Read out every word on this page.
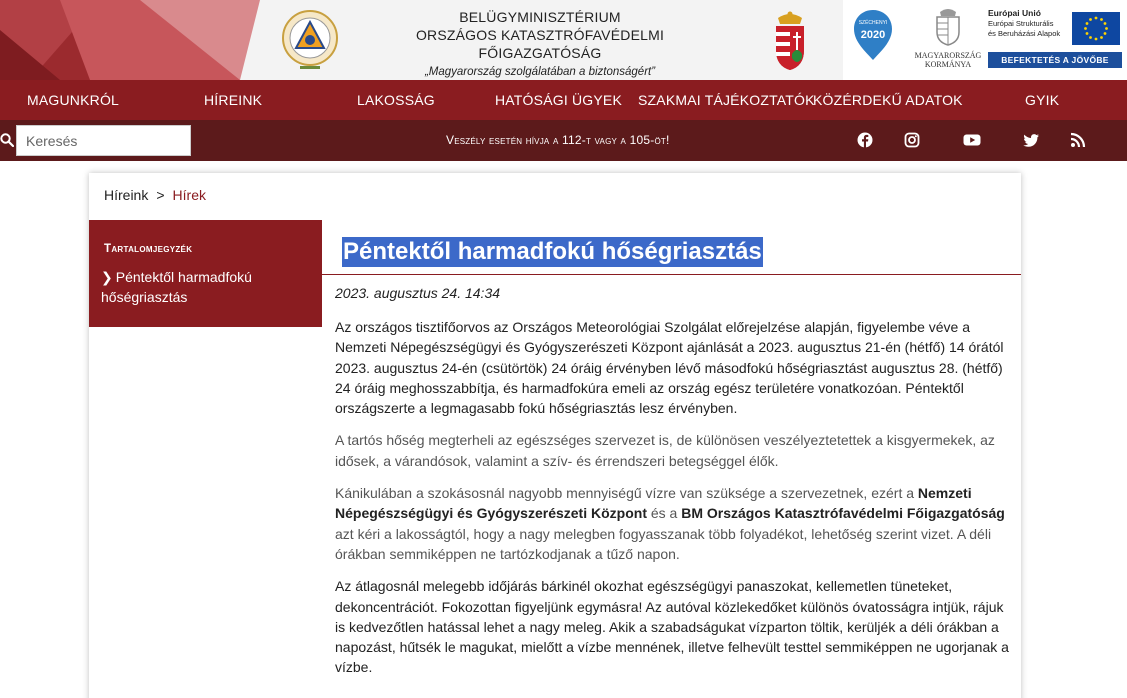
BELÜGYMINISZTÉRIUM
ORSZÁGOS KATASZTRÓFAVÉDELMI FŐIGAZGATÓSÁG
„Magyarország szolgálatában a biztonságért”
SZÉCHENYI
2020
MAGYARORSZÁG
KORMÁNYA
Európai Unió
Európai Strukturális
és Beruházási Alapok
BEFEKTETÉS A JÖVŐBE
MAGUNKRÓL	HÍREINK	LAKOSSÁG	HATÓSÁGI ÜGYEK SZAKMAI TÁJÉKOZTATÓK
KÖZÉRDEKŰ ADATOK	GYIK
Keresés
Veszély esetén hívja a 112-t vagy a 105-öt!
Híreink > Hírek
Tartalomjegyzék
❯ Péntektől harmadfokú hőségriasztás
Péntektől harmadfokú hőségriasztás
2023. augusztus 24. 14:34

Az országos tisztifőorvos az Országos Meteorológiai Szolgálat előrejelzése alapján, figyelembe véve a Nemzeti Népegészségügyi és Gyógyszerészeti Központ ajánlását a 2023. augusztus 21-én (hétfő) 14 órától 2023. augusztus 24-én (csütörtök) 24 óráig érvényben lévő másodfokú hőségriasztást augusztus 28. (hétfő) 24 óráig meghosszabbítja, és harmadfokúra emeli az ország egész területére vonatkozóan. Péntektől országszerte a legmagasabb fokú hőségriasztás lesz érvényben.

A tartós hőség megterheli az egészséges szervezet is, de különösen veszélyeztetettek a kisgyermekek, az idősek, a várandósok, valamint a szív- és érrendszeri betegséggel élők.

Kánikulában a szokásosnál nagyobb mennyiségű vízre van szüksége a szervezetnek, ezért a Nemzeti Népegészségügyi és Gyógyszerészeti Központ és a BM Országos Katasztrófavédelmi Főigazgatóság azt kéri a lakosságtól, hogy a nagy melegben fogyasszanak több folyadékot, lehetőség szerint vizet. A déli órákban semmiképpen ne tartózkodjanak a tűző napon.

Az átlagosnál melegebb időjárás bárkinél okozhat egészségügyi panaszokat, kellemetlen tüneteket, dekoncentrációt. Fokozottan figyeljünk egymásra! Az autóval közlekedőket különös óvatosságra intjük, rájuk is kedvezőtlen hatással lehet a nagy meleg. Akik a szabadságukat vízparton töltik, kerüljék a déli órákban a napozást, hűtsék le magukat, mielőtt a vízbe mennének, illetve felhevült testtel semmiképpen ne ugorjanak a vízbe.
